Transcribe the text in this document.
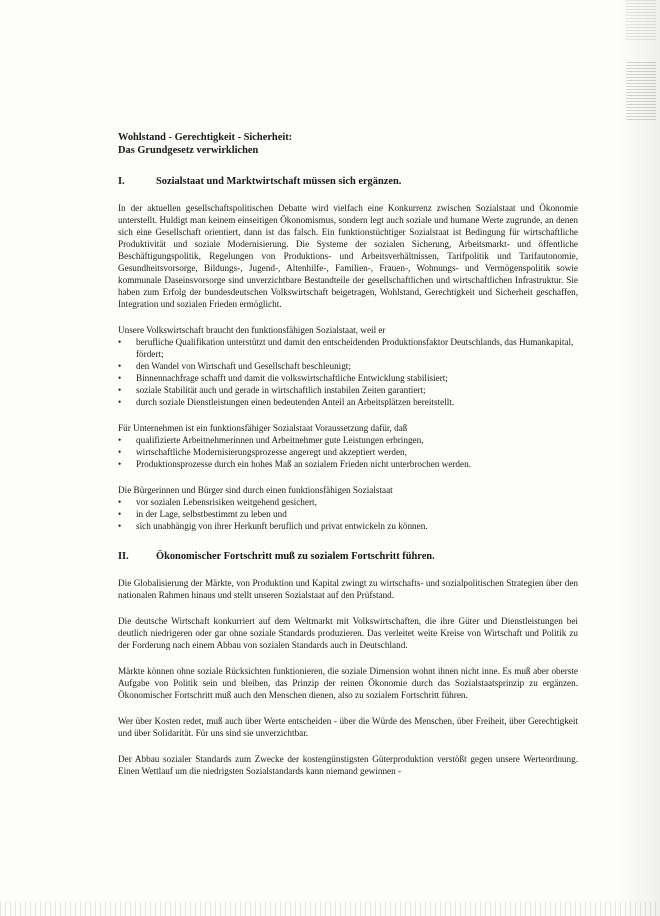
Wohlstand - Gerechtigkeit - Sicherheit:
Das Grundgesetz verwirklichen
I.	Sozialstaat und Marktwirtschaft müssen sich ergänzen.

In der aktuellen gesellschaftspolitischen Debatte wird vielfach eine Konkurrenz zwischen Sozialstaat und Ökonomie unterstellt. Huldigt man keinem einseitigen Ökonomismus, sondern legt auch soziale und humane Werte zugrunde, an denen sich eine Gesellschaft orientiert, dann ist das falsch. Ein funktionstüchtiger Sozialstaat ist Bedingung für wirtschaftliche Produktivität und soziale Modernisierung. Die Systeme der sozialen Sicherung, Arbeitsmarkt- und öffentliche Beschäftigungspolitik, Regelungen von Produktions- und Arbeitsverhältnissen, Tarifpolitik und Tarifautonomie, Gesundheitsvorsorge, Bildungs-, Jugend-, Altenhilfe-, Familien-, Frauen-, Wohnungs- und Vermögenspolitik sowie kommunale Daseinsvorsorge sind unverzichtbare Bestandteile der gesellschaftlichen und wirtschaftlichen Infrastruktur. Sie haben zum Erfolg der bundesdeutschen Volkswirtschaft beigetragen, Wohlstand, Gerechtigkeit und Sicherheit geschaffen, Integration und sozialen Frieden ermöglicht.

Unsere Volkswirtschaft braucht den funktionsfähigen Sozialstaat, weil er

• berufliche Qualifikation unterstützt und damit den entscheidenden Produktionsfaktor Deutschlands, das Humankapital, fördert;
• den Wandel von Wirtschaft und Gesellschaft beschleunigt;
• Binnennachfrage schafft und damit die volkswirtschaftliche Entwicklung stabilisiert;
• soziale Stabilität auch und gerade in wirtschaftlich instabilen Zeiten garantiert;
• durch soziale Dienstleistungen einen bedeutenden Anteil an Arbeitsplätzen bereitstellt.

Für Unternehmen ist ein funktionsfähiger Sozialstaat Voraussetzung dafür, daß

• qualifizierte Arbeitnehmerinnen und Arbeitnehmer gute Leistungen erbringen,
• wirtschaftliche Modernisierungsprozesse angeregt und akzeptiert werden,
• Produktionsprozesse durch ein hohes Maß an sozialem Frieden nicht unterbrochen werden.

Die Bürgerinnen und Bürger sind durch einen funktionsfähigen Sozialstaat

• vor sozialen Lebensrisiken weitgehend gesichert,
• in der Lage, selbstbestimmt zu leben und
• sich unabhängig von ihrer Herkunft beruflich und privat entwickeln zu können.
II.	Ökonomischer Fortschritt muß zu sozialem Fortschritt führen.

Die Globalisierung der Märkte, von Produktion und Kapital zwingt zu wirtschafts- und sozialpolitischen Strategien über den nationalen Rahmen hinaus und stellt unseren Sozialstaat auf den Prüfstand.

Die deutsche Wirtschaft konkurriert auf dem Weltmarkt mit Volkswirtschaften, die ihre Güter und Dienstleistungen bei deutlich niedrigeren oder gar ohne soziale Standards produzieren. Das verleitet weite Kreise von Wirtschaft und Politik zu der Forderung nach einem Abbau von sozialen Standards auch in Deutschland.

Märkte können ohne soziale Rücksichten funktionieren, die soziale Dimension wohnt ihnen nicht inne. Es muß aber oberste Aufgabe von Politik sein und bleiben, das Prinzip der reinen Ökonomie durch das Sozialstaatsprinzip zu ergänzen. Ökonomischer Fortschritt muß auch den Menschen dienen, also zu sozialem Fortschritt führen.

Wer über Kosten redet, muß auch über Werte entscheiden - über die Würde des Menschen, über Freiheit, über Gerechtigkeit und über Solidarität. Für uns sind sie unverzichtbar.

Der Abbau sozialer Standards zum Zwecke der kostengünstigsten Güterproduktion verstößt gegen unsere Werteordnung. Einen Wettlauf um die niedrigsten Sozialstandards kann niemand gewinnen -
